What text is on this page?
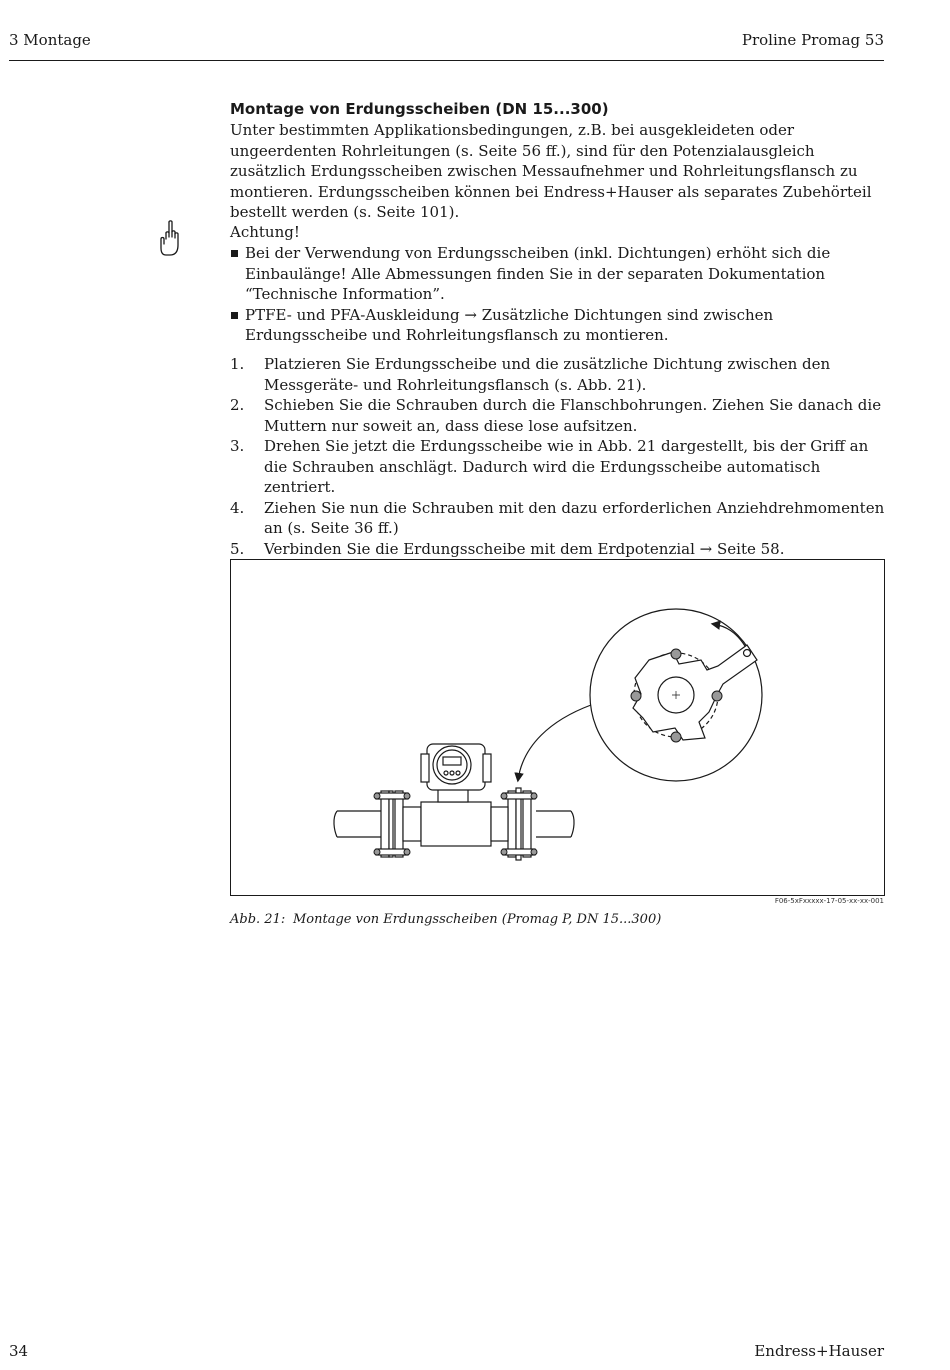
3 Montage	Proline Promag 53
Montage von Erdungsscheiben (DN 15...300)
Unter bestimmten Applikationsbedingungen, z.B. bei ausgekleideten oder ungeerdenten Rohrleitungen (s. Seite 56 ff.), sind für den Potenzialausgleich zusätzlich Erdungsscheiben zwischen Messaufnehmer und Rohrleitungsflansch zu montieren. Erdungsscheiben können bei Endress+Hauser als separates Zubehörteil bestellt werden (s. Seite 101).
Achtung!
Bei der Verwendung von Erdungsscheiben (inkl. Dichtungen) erhöht sich die Einbaulänge! Alle Abmessungen finden Sie in der separaten Dokumentation “Technische Information”.
PTFE- und PFA-Auskleidung → Zusätzliche Dichtungen sind zwischen Erdungsscheibe und Rohrleitungsflansch zu montieren.
1. Platzieren Sie Erdungsscheibe und die zusätzliche Dichtung zwischen den Messgeräte- und Rohrleitungsflansch (s. Abb. 21).
2. Schieben Sie die Schrauben durch die Flanschbohrungen. Ziehen Sie danach die Muttern nur soweit an, dass diese lose aufsitzen.
3. Drehen Sie jetzt die Erdungsscheibe wie in Abb. 21 dargestellt, bis der Griff an die Schrauben anschlägt. Dadurch wird die Erdungsscheibe automatisch zentriert.
4. Ziehen Sie nun die Schrauben mit den dazu erforderlichen Anziehdrehmomenten an (s. Seite 36 ff.)
5. Verbinden Sie die Erdungsscheibe mit dem Erdpotenzial → Seite 58.
F06-5xFxxxxx-17-05-xx-xx-001
Abb. 21: Montage von Erdungsscheiben (Promag P, DN 15...300)
34	Endress+Hauser
